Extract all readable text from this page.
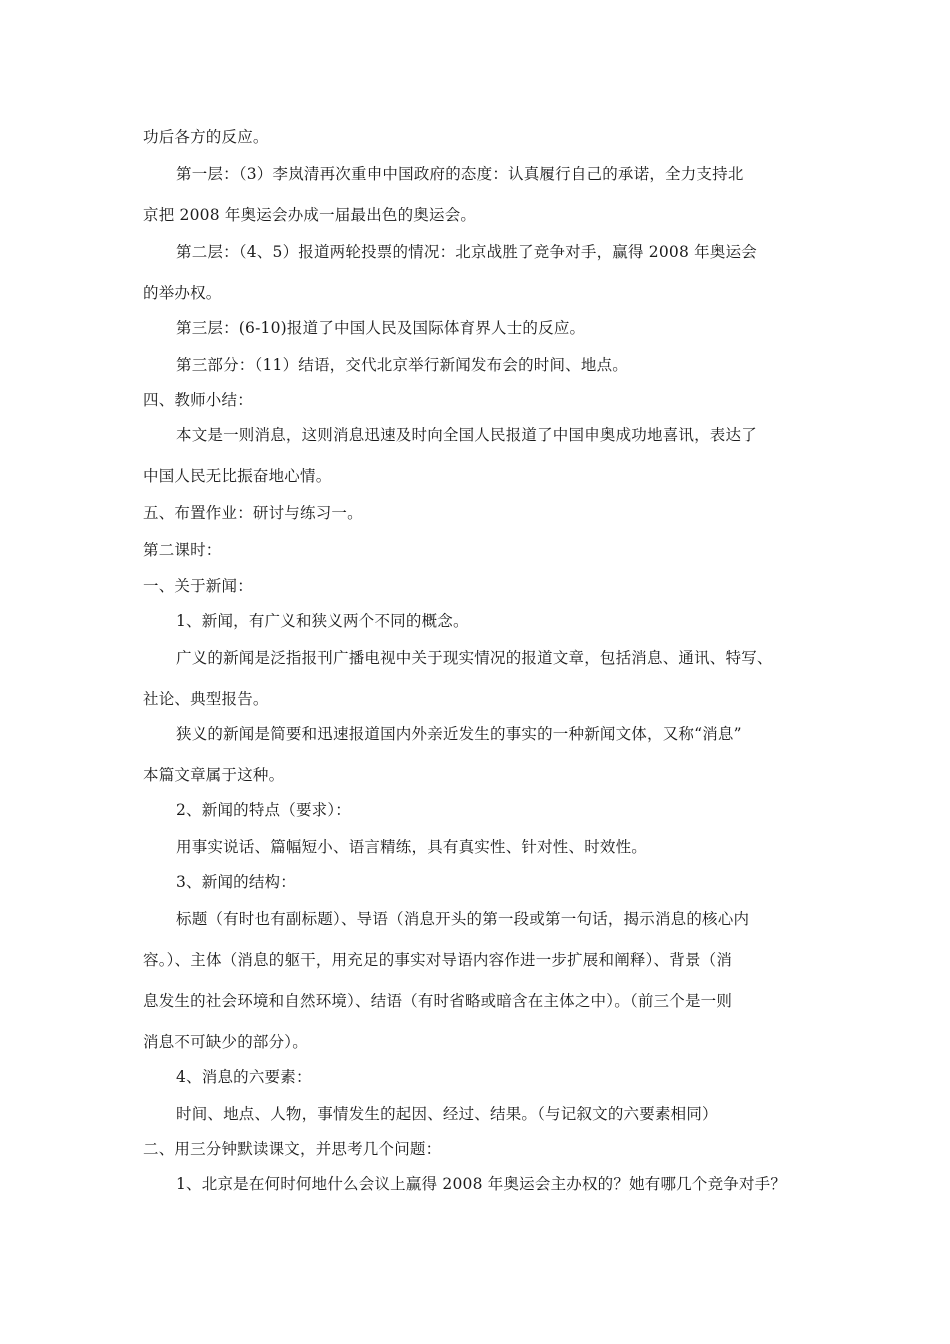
功后各方的反应。
第一层：（3）李岚清再次重申中国政府的态度：认真履行自己的承诺，全力支持北
京把 2008 年奥运会办成一届最出色的奥运会。
第二层：（4、5）报道两轮投票的情况：北京战胜了竞争对手，赢得 2008 年奥运会
的举办权。
第三层：(6-10)报道了中国人民及国际体育界人士的反应。
第三部分：（11）结语，交代北京举行新闻发布会的时间、地点。
四、教师小结：
本文是一则消息，这则消息迅速及时向全国人民报道了中国申奥成功地喜讯，表达了
中国人民无比振奋地心情。
五、布置作业：研讨与练习一。
第二课时：
一、关于新闻：
1、新闻，有广义和狭义两个不同的概念。
广义的新闻是泛指报刊广播电视中关于现实情况的报道文章，包括消息、通讯、特写、
社论、典型报告。
狭义的新闻是简要和迅速报道国内外亲近发生的事实的一种新闻文体，又称“消息”
本篇文章属于这种。
2、新闻的特点（要求）：
用事实说话、篇幅短小、语言精练，具有真实性、针对性、时效性。
3、新闻的结构：
标题（有时也有副标题）、导语（消息开头的第一段或第一句话，揭示消息的核心内
容。）、主体（消息的躯干，用充足的事实对导语内容作进一步扩展和阐释）、背景（消
息发生的社会环境和自然环境）、结语（有时省略或暗含在主体之中）。（前三个是一则
消息不可缺少的部分）。
4、消息的六要素：
时间、地点、人物，事情发生的起因、经过、结果。（与记叙文的六要素相同）
二、用三分钟默读课文，并思考几个问题：
1、北京是在何时何地什么会议上赢得 2008 年奥运会主办权的？她有哪几个竞争对手？
